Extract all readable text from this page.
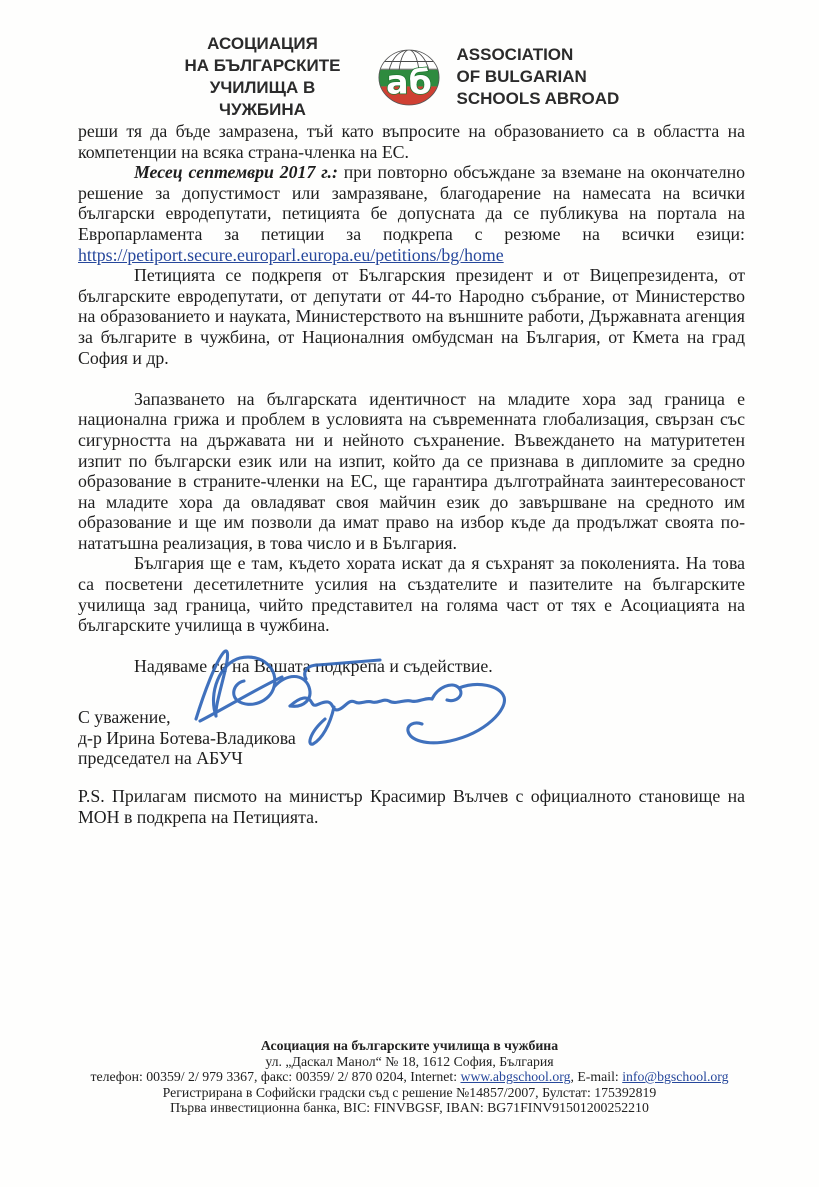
АСОЦИАЦИЯ
НА БЪЛГАРСКИТЕ
УЧИЛИЩА В ЧУЖБИНА
аб
ASSOCIATION
OF BULGARIAN
SCHOOLS ABROAD

реши тя да бъде замразена, тъй като въпросите на образованието са в областта на компетенции на всяка страна-членка на ЕС.

Месец септември 2017 г.: при повторно обсъждане за вземане на окончателно решение за допустимост или замразяване, благодарение на намесата на всички български евродепутати, петицията бе допусната да се публикува на портала на Европарламента за петиции за подкрепа с резюме на всички езици: https://petiport.secure.europarl.europa.eu/petitions/bg/home

Петицията се подкрепя от Българския президент и от Вицепрезидента, от българските евродепутати, от депутати от 44-то Народно събрание, от Министерство на образованието и науката, Министерството на външните работи, Държавната агенция за българите в чужбина, от Националния омбудсман на България, от Кмета на град София и др.

Запазването на българската идентичност на младите хора зад граница е национална грижа и проблем в условията на съвременната глобализация, свързан със сигурността на държавата ни и нейното съхранение. Въвеждането на матуритетен изпит по български език или на изпит, който да се признава в дипломите за средно образование в страните-членки на ЕС, ще гарантира дълготрайната заинтересованост на младите хора да овладяват своя майчин език до завършване на средното им образование и ще им позволи да имат право на избор къде да продължат своята по-нататъшна реализация, в това число и в България.

България ще е там, където хората искат да я съхранят за поколенията. На това са посветени десетилетните усилия на създателите и пазителите на българските училища зад граница, чийто представител на голяма част от тях е Асоциацията на българските училища в чужбина.

Надяваме се на Вашата подкрепа и съдействие.

С уважение,
д-р Ирина Ботева-Владикова
председател на АБУЧ

P.S. Прилагам писмото на министър Красимир Вълчев с официалното становище на МОН в подкрепа на Петицията.

Асоциация на българските училища в чужбина
ул. „Даскал Манол“ № 18, 1612 София, България
телефон: 00359/ 2/ 979 3367, факс: 00359/ 2/ 870 0204, Internet: www.abgschool.org, E-mail: info@bgschool.org
Регистрирана в Софийски градски съд с решение №14857/2007, Булстат: 175392819
Първа инвестиционна банка, BIC: FINVBGSF, IBAN: BG71FINV91501200252210
